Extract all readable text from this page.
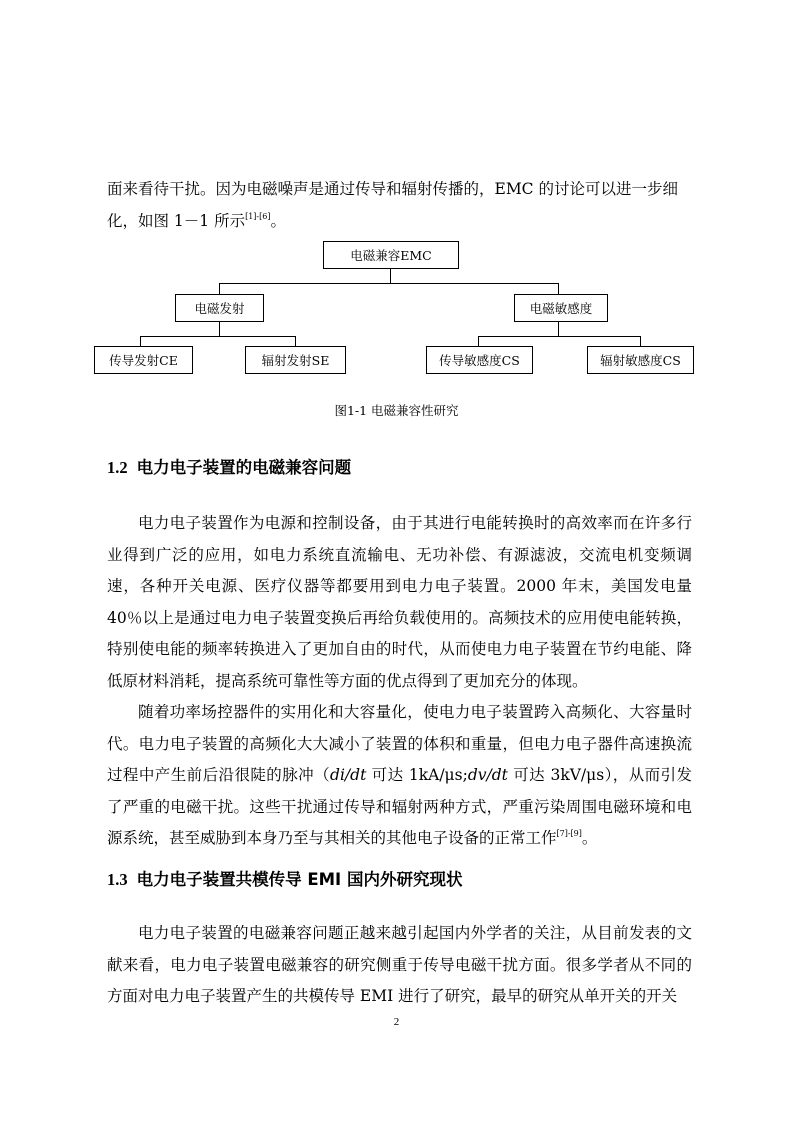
面来看待干扰。因为电磁噪声是通过传导和辐射传播的，EMC 的讨论可以进一步细
化，如图 1－1 所示[1]-[6]。

电磁兼容EMC
电磁发射	电磁敏感度
传导发射CE	辐射发射SE	传导敏感度CS	辐射敏感度CS

图1-1 电磁兼容性研究

1.2 电力电子装置的电磁兼容问题

电力电子装置作为电源和控制设备，由于其进行电能转换时的高效率而在许多行业得到广泛的应用，如电力系统直流输电、无功补偿、有源滤波，交流电机变频调速，各种开关电源、医疗仪器等都要用到电力电子装置。2000 年末，美国发电量 40％以上是通过电力电子装置变换后再给负载使用的。高频技术的应用使电能转换，特别使电能的频率转换进入了更加自由的时代，从而使电力电子装置在节约电能、降低原材料消耗，提高系统可靠性等方面的优点得到了更加充分的体现。

随着功率场控器件的实用化和大容量化，使电力电子装置跨入高频化、大容量时代。电力电子装置的高频化大大减小了装置的体积和重量，但电力电子器件高速换流过程中产生前后沿很陡的脉冲（di/dt 可达 1kA/μs;dv/dt 可达 3kV/μs），从而引发了严重的电磁干扰。这些干扰通过传导和辐射两种方式，严重污染周围电磁环境和电源系统，甚至威胁到本身乃至与其相关的其他电子设备的正常工作[7]-[9]。

1.3 电力电子装置共模传导 EMI 国内外研究现状

电力电子装置的电磁兼容问题正越来越引起国内外学者的关注，从目前发表的文献来看，电力电子装置电磁兼容的研究侧重于传导电磁干扰方面。很多学者从不同的方面对电力电子装置产生的共模传导 EMI 进行了研究，最早的研究从单开关的开关

2
